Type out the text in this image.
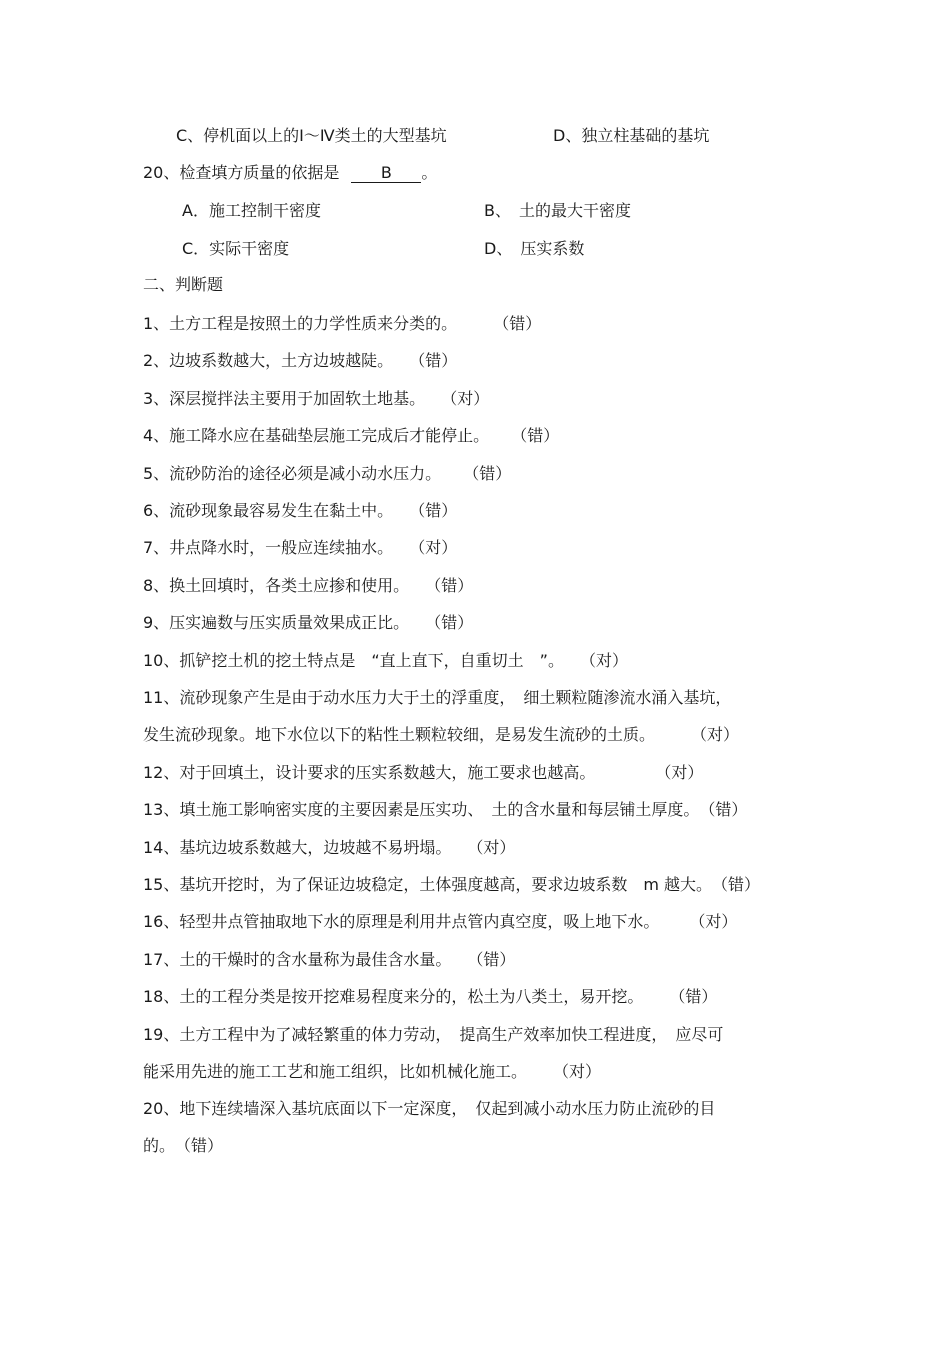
C、停机面以上的Ⅰ～Ⅳ类土的大型基坑	D、独立柱基础的基坑
20、检查填方质量的依据是	B 。
A．施工控制干密度	B、　土的最大干密度
C．实际干密度	D、　压实系数
二、判断题
1、土方工程是按照土的力学性质来分类的。 （错）
2、边坡系数越大，土方边坡越陡。 （错）
3、深层搅拌法主要用于加固软土地基。 （对）
4、施工降水应在基础垫层施工完成后才能停止。 （错）
5、流砂防治的途径必须是减小动水压力。 （错）
6、流砂现象最容易发生在黏土中。 （错）
7、井点降水时，一般应连续抽水。 （对）
8、换土回填时，各类土应掺和使用。 （错）
9、压实遍数与压实质量效果成正比。 （错）
10、抓铲挖土机的挖土特点是　“直上直下，自重切土　”。 （对）
11、流砂现象产生是由于动水压力大于土的浮重度，　细土颗粒随渗流水涌入基坑，
发生流砂现象。地下水位以下的粘性土颗粒较细，是易发生流砂的土质。 （对）
12、对于回填土，设计要求的压实系数越大，施工要求也越高。	（对）
13、填土施工影响密实度的主要因素是压实功、　土的含水量和每层铺土厚度。（错）
14、基坑边坡系数越大，边坡越不易坍塌。 （对）
15、基坑开挖时，为了保证边坡稳定，土体强度越高，要求边坡系数　m 越大。（错）
16、轻型井点管抽取地下水的原理是利用井点管内真空度，吸上地下水。 （对）
17、土的干燥时的含水量称为最佳含水量。 （错）
18、土的工程分类是按开挖难易程度来分的，松土为八类土，易开挖。 （错）
19、土方工程中为了减轻繁重的体力劳动，　提高生产效率加快工程进度，　应尽可
能采用先进的施工工艺和施工组织，比如机械化施工。 （对）
20、地下连续墙深入基坑底面以下一定深度，　仅起到减小动水压力防止流砂的目
的。（错）
